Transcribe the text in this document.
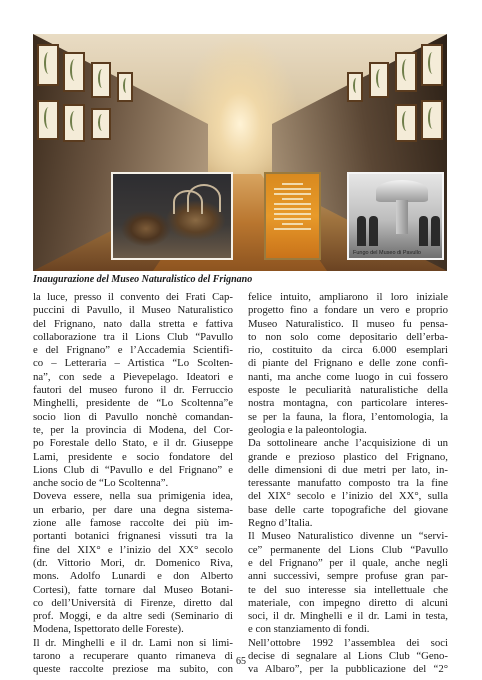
Fungo del Museo di Pavullo
Inaugurazione del Museo Naturalistico del Frignano
la luce, presso il convento dei Frati Cap-
puccini di Pavullo, il Museo Naturalistico
del Frignano, nato dalla stretta e fattiva
collaborazione tra il Lions Club “Pavullo
e del Frignano” e l’Accademia Scientifi-
co – Letteraria – Artistica “Lo Scolten-
na”, con sede a Pievepelago. Ideatori e
fautori del museo furono il dr. Ferruccio
Minghelli, presidente de “Lo Scoltenna”e
socio lion di Pavullo nonchè comandan-
te, per la provincia di Modena, del Cor-
po Forestale dello Stato, e il dr. Giuseppe
Lami, presidente e socio fondatore del
Lions Club di “Pavullo e del Frignano” e
anche socio de “Lo Scoltenna”.
Doveva essere, nella sua primigenia idea,
un erbario, per dare una degna sistema-
zione alle famose raccolte dei più im-
portanti botanici frignanesi vissuti tra la
fine del XIX° e l’inizio del XX° secolo
(dr. Vittorio Mori, dr. Domenico Riva,
mons. Adolfo Lunardi e don Alberto
Cortesi), fatte tornare dal Museo Botani-
co dell’Università di Firenze, diretto dal
prof. Moggi, e da altre sedi (Seminario di
Modena, Ispettorato delle Foreste).
Il dr. Minghelli e il dr. Lami non si limi-
tarono a recuperare quanto rimaneva di
queste raccolte preziose ma subito, con
felice intuito, ampliarono il loro iniziale
progetto fino a fondare un vero e proprio
Museo Naturalistico. Il museo fu pensa-
to non solo come depositario dell’erba-
rio, costituito da circa 6.000 esemplari
di piante del Frignano e delle zone confi-
nanti, ma anche come luogo in cui fossero
esposte le peculiarità naturalistiche della
nostra montagna, con particolare interes-
se per la fauna, la flora, l’entomologia, la
geologia e la paleontologia.
Da sottolineare anche l’acquisizione di un
grande e prezioso plastico del Frignano,
delle dimensioni di due metri per lato, in-
teressante manufatto composto tra la fine
del XIX° secolo e l’inizio del XX°, sulla
base delle carte topografiche del giovane
Regno d’Italia.
Il Museo Naturalistico divenne un “servi-
ce” permanente del Lions Club “Pavullo
e del Frignano” per il quale, anche negli
anni successivi, sempre profuse gran par-
te del suo interesse sia intellettuale che
materiale, con impegno diretto di alcuni
soci, il dr. Minghelli e il dr. Lami in testa,
e con stanziamento di fondi.
Nell’ottobre 1992 l’assemblea dei soci
decise di segnalare al Lions Club “Geno-
va Albaro”, per la pubblicazione del “2°
65
